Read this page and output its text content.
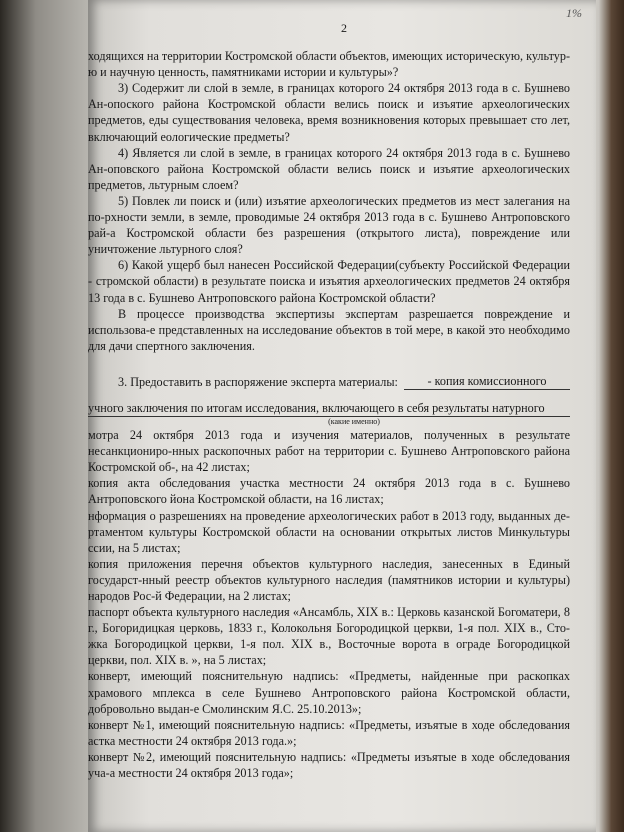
1%
2

ходящихся на территории Костромской области объектов, имеющих историческую, культур-ю и научную ценность, памятниками истории и культуры»?

3) Содержит ли слой в земле, в границах которого 24 октября 2013 года в с. Бушнево Ан-опоского района Костромской области велись поиск и изъятие археологических предметов, еды существования человека, время возникновения которых превышает сто лет, включающий еологические предметы?

4) Является ли слой в земле, в границах которого 24 октября 2013 года в с. Бушнево Ан-оповского района Костромской области велись поиск и изъятие археологических предметов, льтурным слоем?

5) Повлек ли поиск и (или) изъятие археологических предметов из мест залегания на по-рхности земли, в земле, проводимые 24 октября 2013 года в с. Бушнево Антроповского рай-а Костромской области без разрешения (открытого листа), повреждение или уничтожение льтурного слоя?

6) Какой ущерб был нанесен Российской Федерации(субъекту Российской Федерации - стромской области) в результате поиска и изъятия археологических предметов 24 октября 13 года в с. Бушнево Антроповского района Костромской области?

В процессе производства экспертизы экспертам разрешается повреждение и использова-е представленных на исследование объектов в той мере, в какой это необходимо для дачи спертного заключения.

3. Предоставить в распоряжение эксперта материалы:	- копия комиссионного
учного заключения по итогам исследования, включающего в себя результаты натурного
(какие именно)

мотра 24 октября 2013 года и изучения материалов, полученных в результате несанкциониро-нных раскопочных работ на территории с. Бушнево Антроповского района Костромской об-, на 42 листах;

копия акта обследования участка местности 24 октября 2013 года в с. Бушнево Антроповского йона Костромской области, на 16 листах;

нформация о разрешениях на проведение археологических работ в 2013 году, выданных де-ртаментом культуры Костромской области на основании открытых листов Минкультуры ссии, на 5 листах;

копия приложения перечня объектов культурного наследия, занесенных в Единый государст-нный реестр объектов культурного наследия (памятников истории и культуры) народов Рос-й Федерации, на 2 листах;

паспорт объекта культурного наследия «Ансамбль, XIX в.: Церковь казанской Богоматери, 8 г., Богоридицкая церковь, 1833 г., Колокольня Богородицкой церкви, 1-я пол. XIX в., Сто-жка Богородицкой церкви, 1-я пол. XIX в., Восточные ворота в ограде Богородицкой церкви, пол. XIX в. », на 5 листах;

конверт, имеющий пояснительную надпись: «Предметы, найденные при раскопках храмового мплекса в селе Бушнево Антроповского района Костромской области, добровольно выдан-е Смолинским Я.С. 25.10.2013»;

конверт №1, имеющий пояснительную надпись: «Предметы, изъятые в ходе обследования астка местности 24 октября 2013 года.»;

конверт №2, имеющий пояснительную надпись: «Предметы изъятые в ходе обследования уча-а местности 24 октября 2013 года»;
